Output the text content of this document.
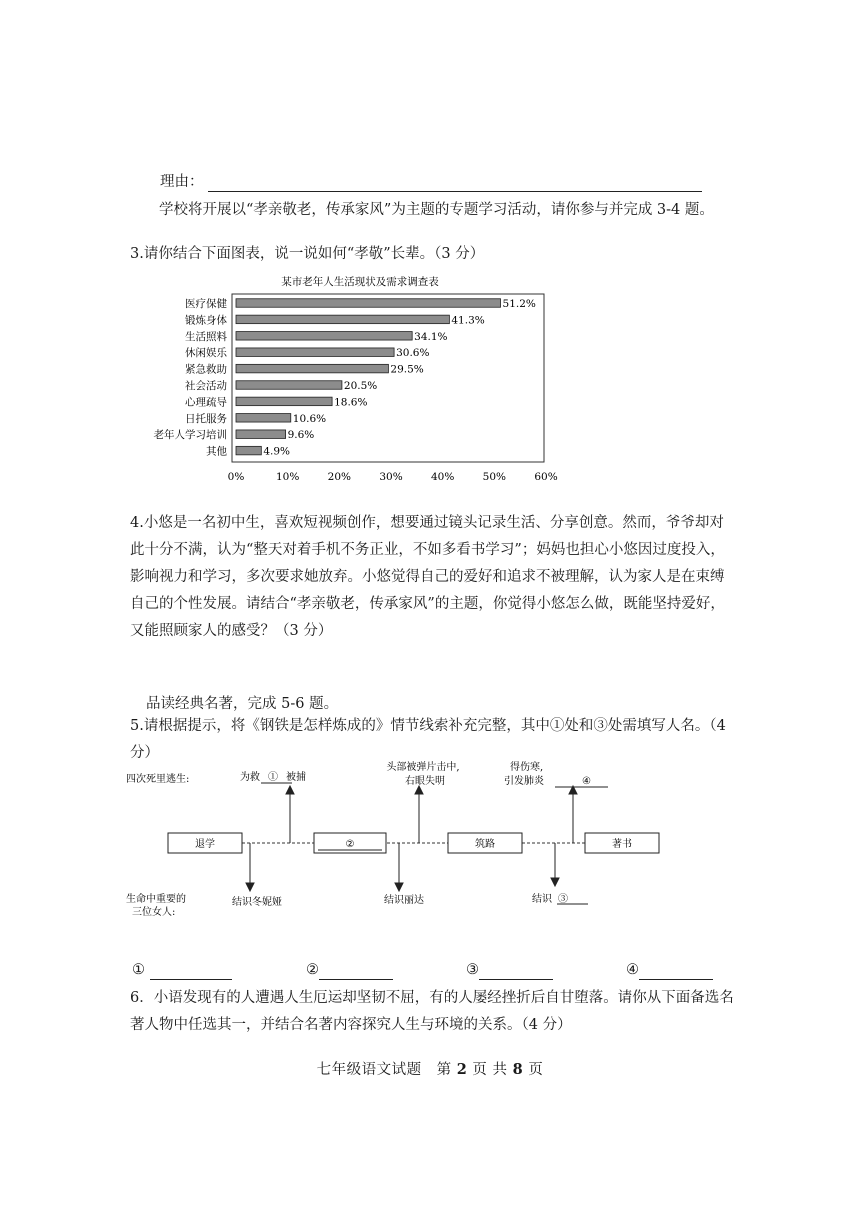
理由：
学校将开展以“孝亲敬老，传承家风”为主题的专题学习活动，请你参与并完成 3-4 题。
3.请你结合下面图表，说一说如何“孝敬”长辈。（3 分）
某市老年人生活现状及需求调查表
医疗保健	51.2%
锻炼身体	41.3%
生活照料	34.1%
休闲娱乐	30.6%
紧急救助	29.5%
社会活动	20.5%
心理疏导	18.6%
日托服务	10.6%
老年人学习培训	9.6%
其他	4.9%
0%	10%	20%	30%	40%	50%	60%
4.小悠是一名初中生，喜欢短视频创作，想要通过镜头记录生活、分享创意。然而，爷爷却对此十分不满，认为“整天对着手机不务正业，不如多看书学习”；妈妈也担心小悠因过度投入，影响视力和学习，多次要求她放弃。小悠觉得自己的爱好和追求不被理解，认为家人是在束缚自己的个性发展。请结合“孝亲敬老，传承家风”的主题，你觉得小悠怎么做，既能坚持爱好，又能照顾家人的感受？（3 分）
品读经典名著，完成 5-6 题。
5.请根据提示，将《钢铁是怎样炼成的》情节线索补充完整，其中①处和③处需填写人名。（4 分）
退学	②	筑路	著书
四次死里逃生:
生命中重要的
三位女人:
为救 ① 被捕
头部被弹片击中,
右眼失明
得伤寒,
引发肺炎	④
结识冬妮娅	结识丽达	结识 ③
①	②	③	④
6．小语发现有的人遭遇人生厄运却坚韧不屈，有的人屡经挫折后自甘堕落。请你从下面备选名著人物中任选其一，并结合名著内容探究人生与环境的关系。（4 分）
七年级语文试题　第 2 页 共 8 页
